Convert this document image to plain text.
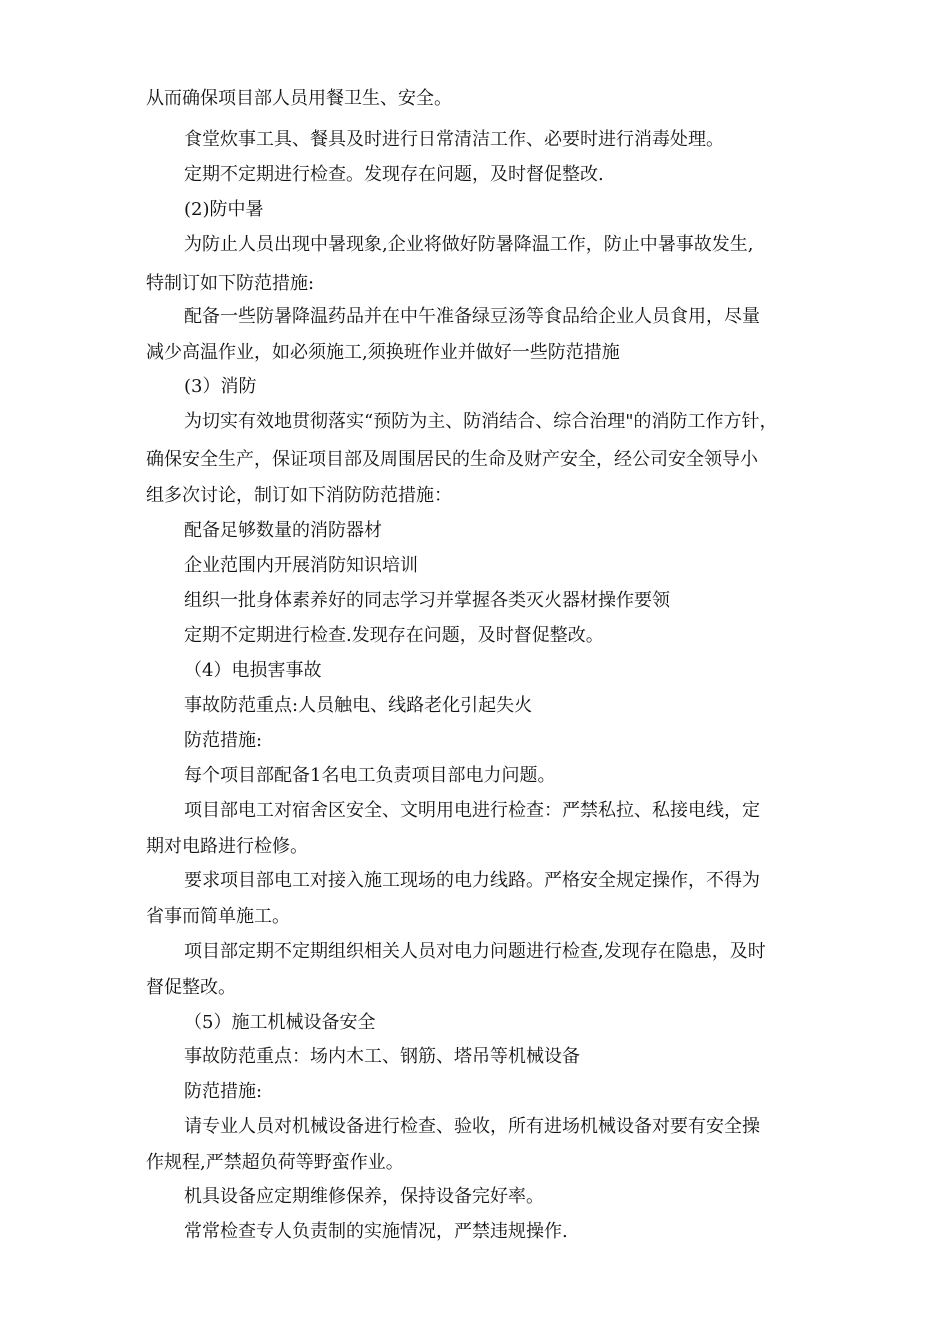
从而确保项目部人员用餐卫生、安全。
食堂炊事工具、餐具及时进行日常清洁工作、必要时进行消毒处理。
定期不定期进行检查。发现存在问题，及时督促整改.
(2)防中暑
为防止人员出现中暑现象,企业将做好防暑降温工作，防止中暑事故发生,
特制订如下防范措施:
配备一些防暑降温药品并在中午准备绿豆汤等食品给企业人员食用，尽量
减少高温作业，如必须施工,须换班作业并做好一些防范措施
(3）消防
为切实有效地贯彻落实“预防为主、防消结合、综合治理"的消防工作方针，
确保安全生产，保证项目部及周围居民的生命及财产安全，经公司安全领导小
组多次讨论，制订如下消防防范措施：
配备足够数量的消防器材
企业范围内开展消防知识培训
组织一批身体素养好的同志学习并掌握各类灭火器材操作要领
定期不定期进行检查.发现存在问题，及时督促整改。
（4）电损害事故
事故防范重点:人员触电、线路老化引起失火
防范措施:
每个项目部配备1名电工负责项目部电力问题。
项目部电工对宿舍区安全、文明用电进行检查：严禁私拉、私接电线，定
期对电路进行检修。
要求项目部电工对接入施工现场的电力线路。严格安全规定操作，不得为
省事而简单施工。
项目部定期不定期组织相关人员对电力问题进行检查,发现存在隐患，及时
督促整改。
（5）施工机械设备安全
事故防范重点：场内木工、钢筋、塔吊等机械设备
防范措施:
请专业人员对机械设备进行检查、验收，所有进场机械设备对要有安全操
作规程,严禁超负荷等野蛮作业。
机具设备应定期维修保养，保持设备完好率。
常常检查专人负责制的实施情况，严禁违规操作.
